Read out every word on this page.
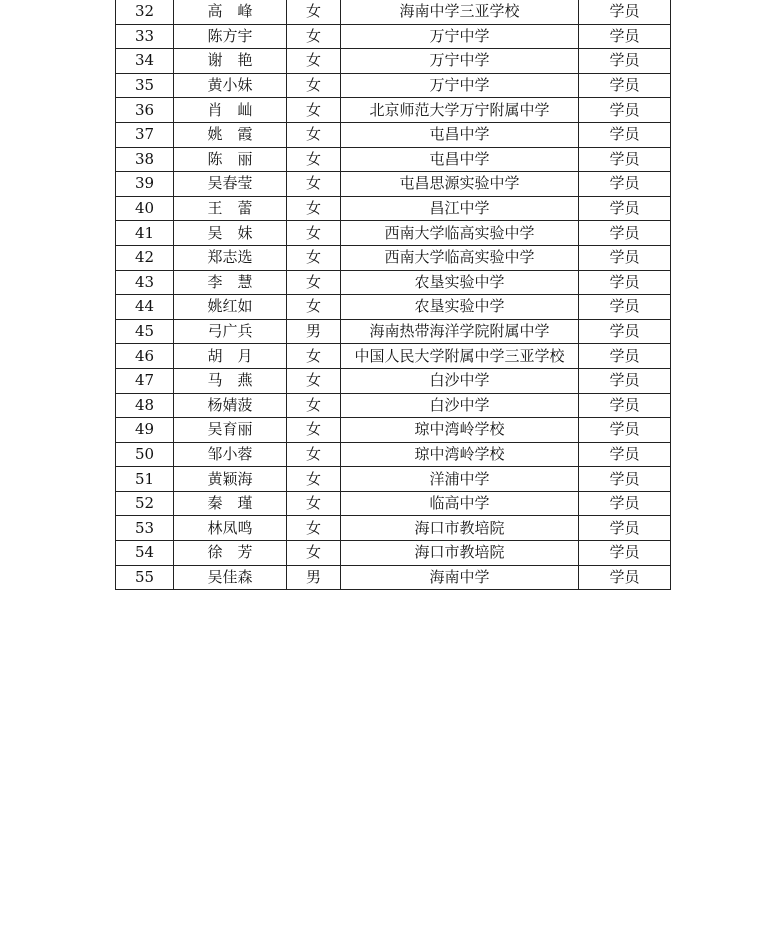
32	高　峰	女	海南中学三亚学校	学员
33	陈方宇	女	万宁中学	学员
34	谢　艳	女	万宁中学	学员
35	黄小妹	女	万宁中学	学员
36	肖　屾	女	北京师范大学万宁附属中学	学员
37	姚　霞	女	屯昌中学	学员
38	陈　丽	女	屯昌中学	学员
39	吴春莹	女	屯昌思源实验中学	学员
40	王　蕾	女	昌江中学	学员
41	吴　妹	女	西南大学临高实验中学	学员
42	郑志选	女	西南大学临高实验中学	学员
43	李　慧	女	农垦实验中学	学员
44	姚红如	女	农垦实验中学	学员
45	弓广兵	男	海南热带海洋学院附属中学	学员
46	胡　月	女	中国人民大学附属中学三亚学校	学员
47	马　燕	女	白沙中学	学员
48	杨婧菠	女	白沙中学	学员
49	吴育丽	女	琼中湾岭学校	学员
50	邹小蓉	女	琼中湾岭学校	学员
51	黄颖海	女	洋浦中学	学员
52	秦　瑾	女	临高中学	学员
53	林凤鸣	女	海口市教培院	学员
54	徐　芳	女	海口市教培院	学员
55	吴佳森	男	海南中学	学员
